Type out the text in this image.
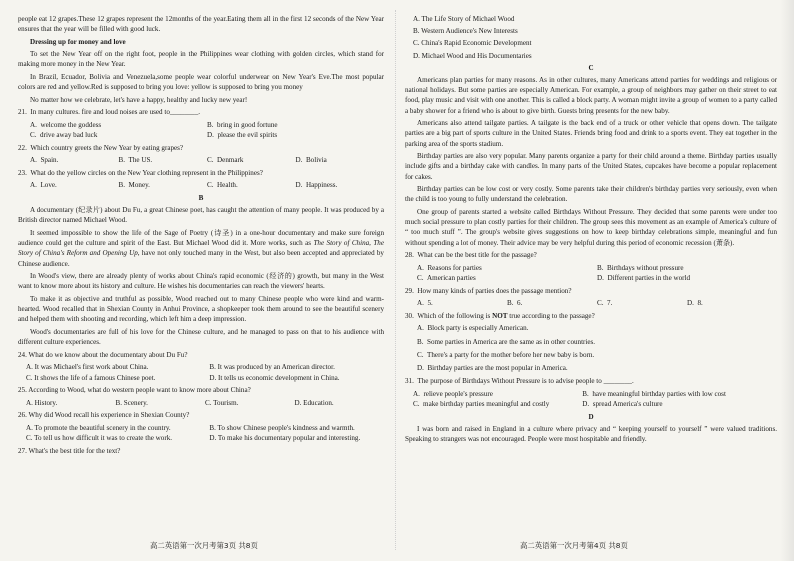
people eat 12 grapes.These 12 grapes represent the 12months of the year.Eating them all in the first 12 seconds of the New Year ensures that the year will be filled with good luck.

Dressing up for money and love

To set the New Year off on the right foot, people in the Philippines wear clothing with golden circles, which stand for making more money in the New Year.

In Brazil, Ecuador, Bolivia and Venezuela,some people wear colorful underwear on New Year's Eve.The most popular colors are red and yellow.Red is supposed to bring you love: yellow is supposed to bring you money

No matter how we celebrate, let's have a happy, healthy and lucky new year!

21.  In many cultures. fire and loud noises are used to________.

A.  welcome the goddess	B.  bring in good fortune
C.  drive away bad luck	D.  please the evil spirits

22.  Which country greets the New Year by eating grapes?

A.  Spain.	B.  The US.	C.  Denmark	D.  Bolivia

23.  What do the yellow circles on the New Year clothing represent in the Philippines?

A.  Love.	B.  Money.	C.  Health.	D.  Happiness.
B

A documentary (纪录片) about Du Fu, a great Chinese poet, has caught the attention of many people. It was produced by a British director named Michael Wood.

It seemed impossible to show the life of the Sage of Poetry (诗圣) in a one-hour documentary and make sure foreign audience could get the culture and spirit of the East. But Michael Wood did it. More works, such as The Story of China, The Story of China's Reform and Opening Up, have not only touched many in the West, but also been accepted and appreciated by Chinese audience.

In Wood's view, there are already plenty of works about China's rapid economic (经济的) growth, but many in the West want to know more about its history and culture. He wishes his documentaries can reach the viewers' hearts.

To make it as objective and truthful as possible, Wood reached out to many Chinese people who were kind and warm-hearted. Wood recalled that in Shexian County in Anhui Province, a shopkeeper took them around to see the beautiful scenery and helped them with shooting and recording, which left him a deep impression.

Wood's documentaries are full of his love for the Chinese culture, and he managed to pass on that to his audience with different culture experiences.

24. What do we know about the documentary about Du Fu?

A. It was Michael's first work about China.	B. It was produced by an American director.
C. It shows the life of a famous Chinese poet.	D. It tells us economic development in China.

25. According to Wood, what do western people want to know more about China?

A. History.	B. Scenery.	C. Tourism.	D. Education.

26. Why did Wood recall his experience in Shexian County?

A. To promote the beautiful scenery in the country.	B. To show Chinese people's kindness and warmth.
C. To tell us how difficult it was to create the work.	D. To make his documentary popular and interesting.

27. What's the best title for the text?

高二英语第一次月考第3页 共8页
A. The Life Story of Michael Wood
B. Western Audience's New Interests
C. China's Rapid Economic Development
D. Michael Wood and His Documentaries
C

Americans plan parties for many reasons. As in other cultures, many Americans attend parties for weddings and religious or national holidays. But some parties are especially American. For example, a group of neighbors may gather on their street to eat food, play music and visit with one another. This is called a block party. A woman might invite a group of women to a party called a baby shower for a friend who is about to give birth. Guests bring presents for the new baby.

Americans also attend tailgate parties. A tailgate is the back end of a truck or other vehicle that opens down. The tailgate parties are a big part of sports culture in the United States. Friends bring food and drink to a sports event. They eat together in the parking area of the sports stadium.

Birthday parties are also very popular. Many parents organize a party for their child around a theme. Birthday parties usually include gifts and a birthday cake with candles. In many parts of the United States, cupcakes have become a popular replacement for cakes.

Birthday parties can be low cost or very costly. Some parents take their children's birthday parties very seriously, even when the child is too young to fully understand the celebration.

One group of parents started a website called Birthdays Without Pressure. They decided that some parents were under too much social pressure to plan costly parties for their children. The group sees this movement as an example of America's culture of “ too much stuff ”. The group's website gives suggestions on how to keep birthday celebrations simple, meaningful and fun without spending a lot of money. Their advice may be very helpful during this period of economic recession (萧条).

28.  What can be the best title for the passage?

A.  Reasons for parties	B.  Birthdays without pressure
C.  American parties	D.  Different parties in the world

29.  How many kinds of parties does the passage mention?

A.  5.	B.  6.	C.  7.	D.  8.

30.  Which of the following is NOT true according to the passage?

A.  Block party is especially American.
B.  Some parties in America are the same as in other countries.
C.  There's a party for the mother before her new baby is born.
D.  Birthday parties are the most popular in America.

31.  The purpose of Birthdays Without Pressure is to advise people to ________.

A.  relieve people's pressure	B.  have meaningful birthday parties with low cost
C.  make birthday parties meaningful and costly	D.  spread America's culture
D

I was born and raised in England in a culture where privacy and “ keeping yourself to yourself ” were valued traditions. Speaking to strangers was not encouraged. People were most hospitable and friendly.

高二英语第一次月考第4页 共8页
